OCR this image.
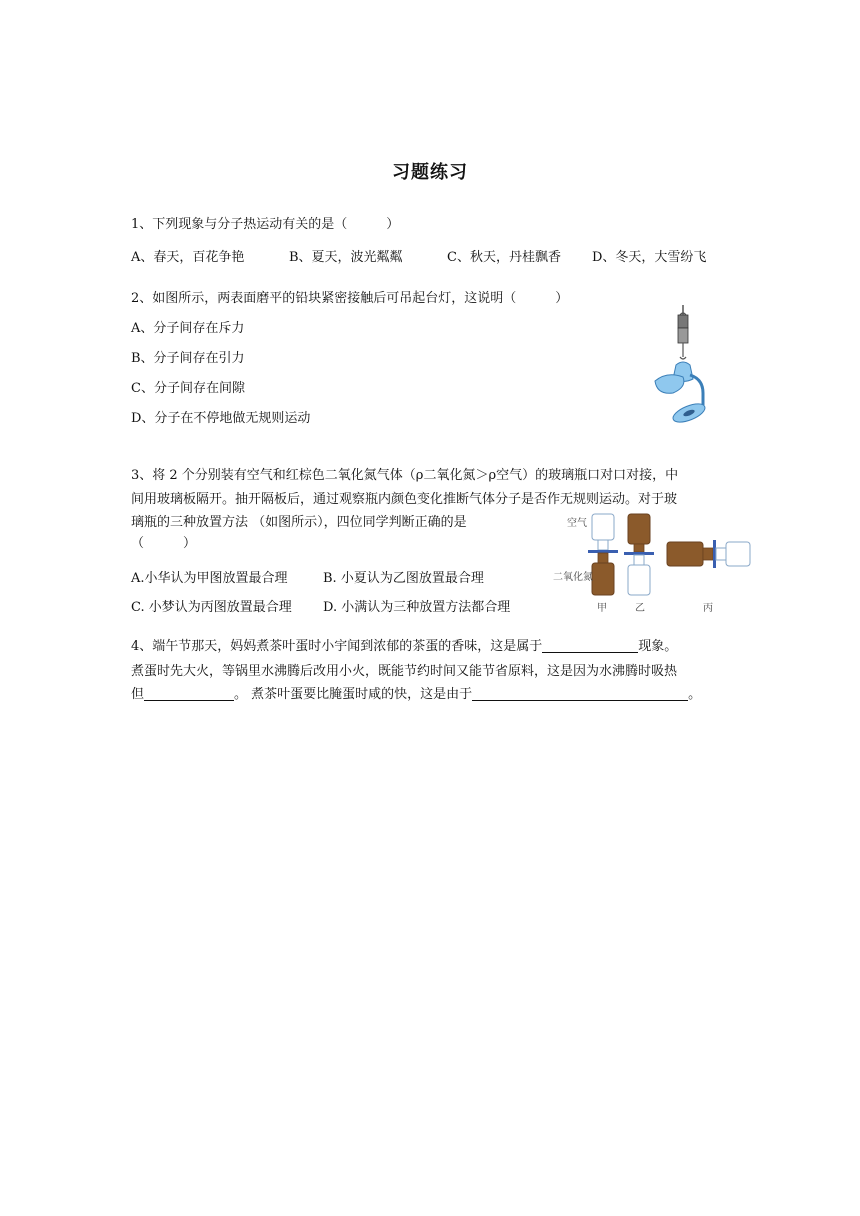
习题练习
1、下列现象与分子热运动有关的是（　　　）
A、春天，百花争艳	B、夏天，波光粼粼	C、秋天，丹桂飘香 D、冬天，大雪纷飞
2、如图所示，两表面磨平的铅块紧密接触后可吊起台灯，这说明（　　　）
A、分子间存在斥力
B、分子间存在引力
C、分子间存在间隙
D、分子在不停地做无规则运动
3、将 2 个分别装有空气和红棕色二氧化氮气体（ρ二氧化氮＞ρ空气）的玻璃瓶口对口对接，中
间用玻璃板隔开。抽开隔板后，通过观察瓶内颜色变化推断气体分子是否作无规则运动。对于玻
璃瓶的三种放置方法 （如图所示），四位同学判断正确的是
（　　　）
A.小华认为甲图放置最合理	B. 小夏认为乙图放置最合理
C. 小梦认为丙图放置最合理 D. 小满认为三种放置方法都合理
空气
二氧化氮
甲	乙	丙
4、端午节那天，妈妈煮茶叶蛋时小宇闻到浓郁的茶蛋的香味，这是属于	现象。
煮蛋时先大火，等锅里水沸腾后改用小火，既能节约时间又能节省原料，这是因为水沸腾时吸热
但	。 煮茶叶蛋要比腌蛋时咸的快，这是由于	。
